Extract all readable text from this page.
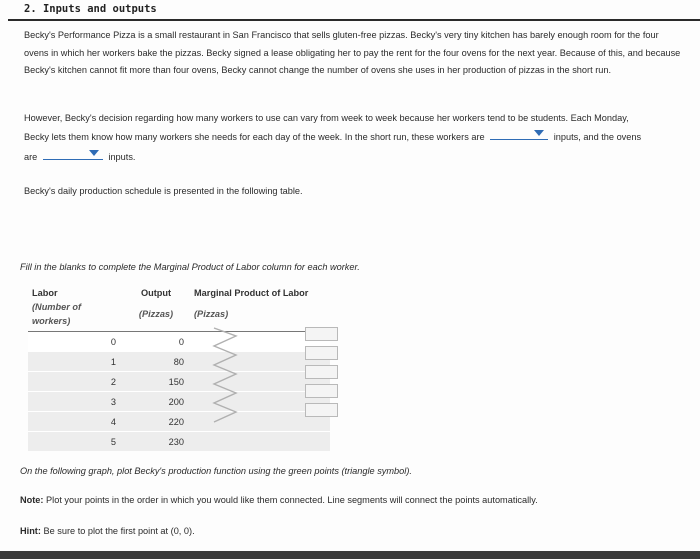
2. Inputs and outputs
Becky's Performance Pizza is a small restaurant in San Francisco that sells gluten-free pizzas. Becky's very tiny kitchen has barely enough room for the four ovens in which her workers bake the pizzas. Becky signed a lease obligating her to pay the rent for the four ovens for the next year. Because of this, and because Becky's kitchen cannot fit more than four ovens, Becky cannot change the number of ovens she uses in her production of pizzas in the short run.
However, Becky's decision regarding how many workers to use can vary from week to week because her workers tend to be students. Each Monday,
Becky lets them know how many workers she needs for each day of the week. In the short run, these workers are	inputs, and the ovens
are	inputs.
Becky's daily production schedule is presented in the following table.
Fill in the blanks to complete the Marginal Product of Labor column for each worker.
Labor	Output	Marginal Product of Labor
(Number of workers)	(Pizzas)	(Pizzas)
0	0	
1	80	
2	150	
3	200	
4	220	
5	230	
On the following graph, plot Becky's production function using the green points (triangle symbol).
Note: Plot your points in the order in which you would like them connected. Line segments will connect the points automatically.
Hint: Be sure to plot the first point at (0, 0).
